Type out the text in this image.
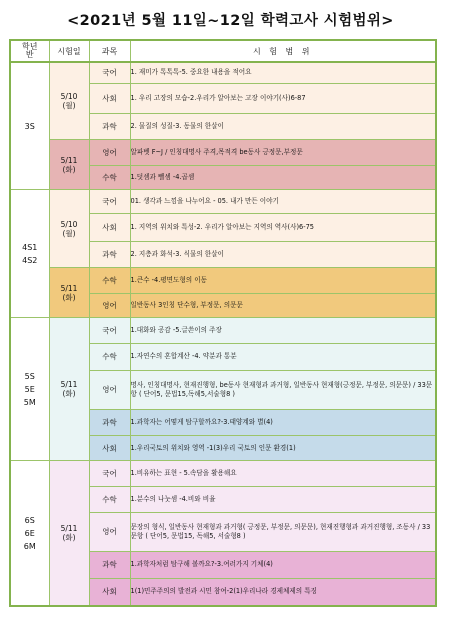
<2021년 5월 11일~12일 학력고사 시험범위>
학년
반	시험일	과목	시 험 범 위
3S	5/10
(월)	국어	1. 재미가 톡톡톡-5. 중요한 내용을 적어요
		사회	1. 우리 고장의 모습-2.우리가 알아보는 고장 이야기(사)6-87
		과학	2. 물질의 성질-3. 동물의 한살이
	5/11
(화)	영어	알파벳 F~J / 인칭대명사 주격,목적격 be동사 긍정문,부정문
		수학	1.덧셈과 뺄셈 -4.곱셈
4S1
4S2	5/10
(월)	국어	01. 생각과 느낌을 나누어요 - 05. 내가 만든 이야기
		사회	1. 지역의 위치와 특성-2. 우리가 알아보는 지역의 역사(사)6-75
		과학	2. 지층과 화석-3. 식물의 한살이
	5/11
(화)	수학	1.큰수 -4.평면도형의 이동
		영어	일반동사 3인칭 단수형, 부정문, 의문문
5S
5E
5M	5/11
(화)	국어	1.대화와 공감 -5.글쓴이의 주장
		수학	1.자연수의 혼합계산 -4. 약분과 통분
		영어	명사, 인칭대명사, 현재진행형, be동사 현재형과 과거형, 일반동사 현재형(긍정문, 부정문, 의문문) / 33문항 ( 단어5, 문법15,독해5,서술형8 )
		과학	1.과학자는 어떻게 탐구할까요?-3.태양계와 별(4)
		사회	1.우리국토의 위치와 영역 -1(3)우리 국토의 인문 환경(1)
6S
6E
6M	5/11
(화)	국어	1.비유하는 표현 - 5.속담을 활용해요
		수학	1.분수의 나눗셈 -4.비와 비율
		영어	문장의 형식, 일반동사 현재형과 과거형( 긍정문, 부정문, 의문문), 현재진행형과 과거진행형, 조동사 / 33문항 ( 단어5, 문법15, 독해5, 서술형8 )
		과학	1.과학자처럼 탐구해 볼까요?-3.여러가지 기체(4)
		사회	1(1)민주주의의 발전과 시민 참여-2(1)우리나라 경제체제의 특징
